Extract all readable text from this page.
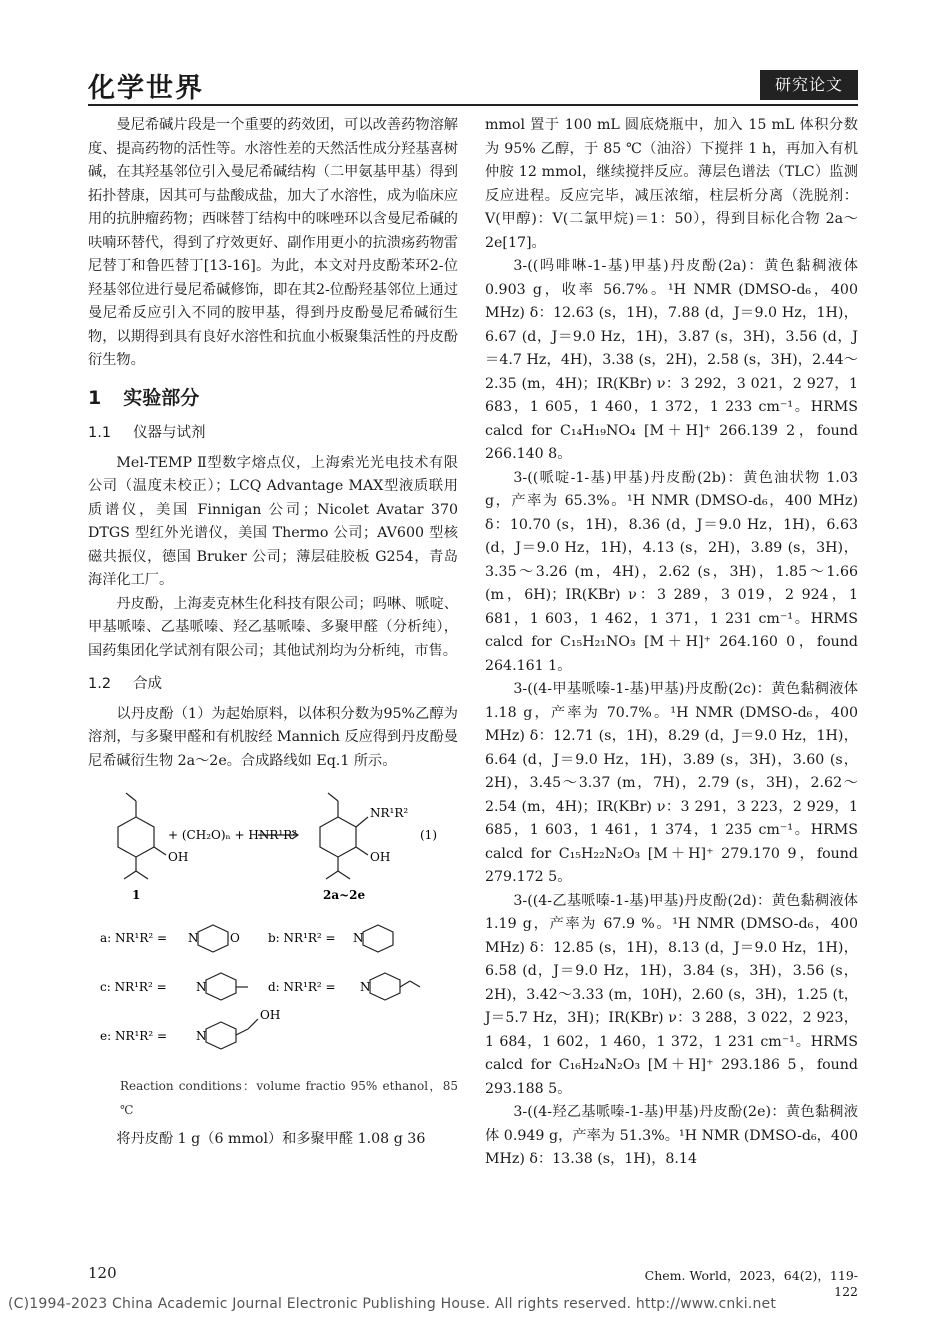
化学世界	研究论文

曼尼希碱片段是一个重要的药效团，可以改善药物溶解度、提高药物的活性等。水溶性差的天然活性成分羟基喜树碱，在其羟基邻位引入曼尼希碱结构（二甲氨基甲基）得到拓扑替康，因其可与盐酸成盐，加大了水溶性，成为临床应用的抗肿瘤药物；西咪替丁结构中的咪唑环以含曼尼希碱的呋喃环替代，得到了疗效更好、副作用更小的抗溃疡药物雷尼替丁和鲁匹替丁[13-16]。为此，本文对丹皮酚苯环2-位羟基邻位进行曼尼希碱修饰，即在其2-位酚羟基邻位上通过曼尼希反应引入不同的胺甲基，得到丹皮酚曼尼希碱衍生物，以期得到具有良好水溶性和抗血小板聚集活性的丹皮酚衍生物。

1 实验部分
1.1 仪器与试剂

Mel-TEMP Ⅱ型数字熔点仪，上海索光光电技术有限公司（温度未校正）；LCQ Advantage MAX型液质联用质谱仪，美国 Finnigan 公司；Nicolet Avatar 370 DTGS 型红外光谱仪，美国 Thermo 公司；AV600 型核磁共振仪，德国 Bruker 公司；薄层硅胶板 G254，青岛海洋化工厂。

丹皮酚，上海麦克林生化科技有限公司；吗啉、哌啶、甲基哌嗪、乙基哌嗪、羟乙基哌嗪、多聚甲醛（分析纯），国药集团化学试剂有限公司；其他试剂均为分析纯，市售。

1.2 合成

以丹皮酚（1）为起始原料，以体积分数为95%乙醇为溶剂，与多聚甲醛和有机胺经 Mannich 反应得到丹皮酚曼尼希碱衍生物 2a～2e。合成路线如 Eq.1 所示。

OH
1
+ (CH₂O)ₙ + HNR¹R²
OH
NR¹R²
2a~2e
(1)
a: NR¹R² = N	O b: NR¹R² = N
c: NR¹R² = N	d: NR¹R² = N
e: NR¹R² = N
OH
Reaction conditions：volume fractio 95% ethanol，85 ℃

将丹皮酚 1 g（6 mmol）和多聚甲醛 1.08 g 36

mmol 置于 100 mL 圆底烧瓶中，加入 15 mL 体积分数为 95% 乙醇，于 85 ℃（油浴）下搅拌 1 h，再加入有机仲胺 12 mmol，继续搅拌反应。薄层色谱法（TLC）监测反应进程。反应完毕，减压浓缩，柱层析分离（洗脱剂：V(甲醇)：V(二氯甲烷)＝1：50），得到目标化合物 2a～2e[17]。

3-((吗啡啉-1-基)甲基)丹皮酚(2a)：黄色黏稠液体 0.903 g，收率 56.7%。¹H NMR (DMSO-d₆，400 MHz) δ：12.63 (s，1H)，7.88 (d，J＝9.0 Hz，1H)，6.67 (d，J＝9.0 Hz，1H)，3.87 (s，3H)，3.56 (d，J＝4.7 Hz，4H)，3.38 (s，2H)，2.58 (s，3H)，2.44～2.35 (m，4H)；IR(KBr) ν：3 292，3 021，2 927，1 683，1 605，1 460，1 372，1 233 cm⁻¹。HRMS calcd for C₁₄H₁₉NO₄ [M＋H]⁺ 266.139 2，found 266.140 8。

3-((哌啶-1-基)甲基)丹皮酚(2b)：黄色油状物 1.03 g，产率为 65.3%。¹H NMR (DMSO-d₆，400 MHz) δ：10.70 (s，1H)，8.36 (d，J＝9.0 Hz，1H)，6.63 (d，J＝9.0 Hz，1H)，4.13 (s，2H)，3.89 (s，3H)，3.35～3.26 (m，4H)，2.62 (s，3H)，1.85～1.66 (m，6H)；IR(KBr) ν：3 289，3 019，2 924，1 681，1 603，1 462，1 371，1 231 cm⁻¹。HRMS calcd for C₁₅H₂₁NO₃ [M＋H]⁺ 264.160 0，found 264.161 1。

3-((4-甲基哌嗪-1-基)甲基)丹皮酚(2c)：黄色黏稠液体 1.18 g，产率为 70.7%。¹H NMR (DMSO-d₆，400 MHz) δ：12.71 (s，1H)，8.29 (d，J＝9.0 Hz，1H)，6.64 (d，J＝9.0 Hz，1H)，3.89 (s，3H)，3.60 (s，2H)，3.45～3.37 (m，7H)，2.79 (s，3H)，2.62～2.54 (m，4H)；IR(KBr) ν：3 291，3 223，2 929，1 685，1 603，1 461，1 374，1 235 cm⁻¹。HRMS calcd for C₁₅H₂₂N₂O₃ [M＋H]⁺ 279.170 9，found 279.172 5。

3-((4-乙基哌嗪-1-基)甲基)丹皮酚(2d)：黄色黏稠液体 1.19 g，产率为 67.9 %。¹H NMR (DMSO-d₆，400 MHz) δ：12.85 (s，1H)，8.13 (d，J＝9.0 Hz，1H)，6.58 (d，J＝9.0 Hz，1H)，3.84 (s，3H)，3.56 (s，2H)，3.42～3.33 (m，10H)，2.60 (s，3H)，1.25 (t，J＝5.7 Hz，3H)；IR(KBr) ν：3 288，3 022，2 923，1 684，1 602，1 460，1 372，1 231 cm⁻¹。HRMS calcd for C₁₆H₂₄N₂O₃ [M＋H]⁺ 293.186 5，found 293.188 5。

3-((4-羟乙基哌嗪-1-基)甲基)丹皮酚(2e)：黄色黏稠液体 0.949 g，产率为 51.3%。¹H NMR (DMSO-d₆，400 MHz) δ：13.38 (s，1H)，8.14

120	Chem. World，2023，64(2)，119-122
(C)1994-2023 China Academic Journal Electronic Publishing House. All rights reserved. http://www.cnki.net
